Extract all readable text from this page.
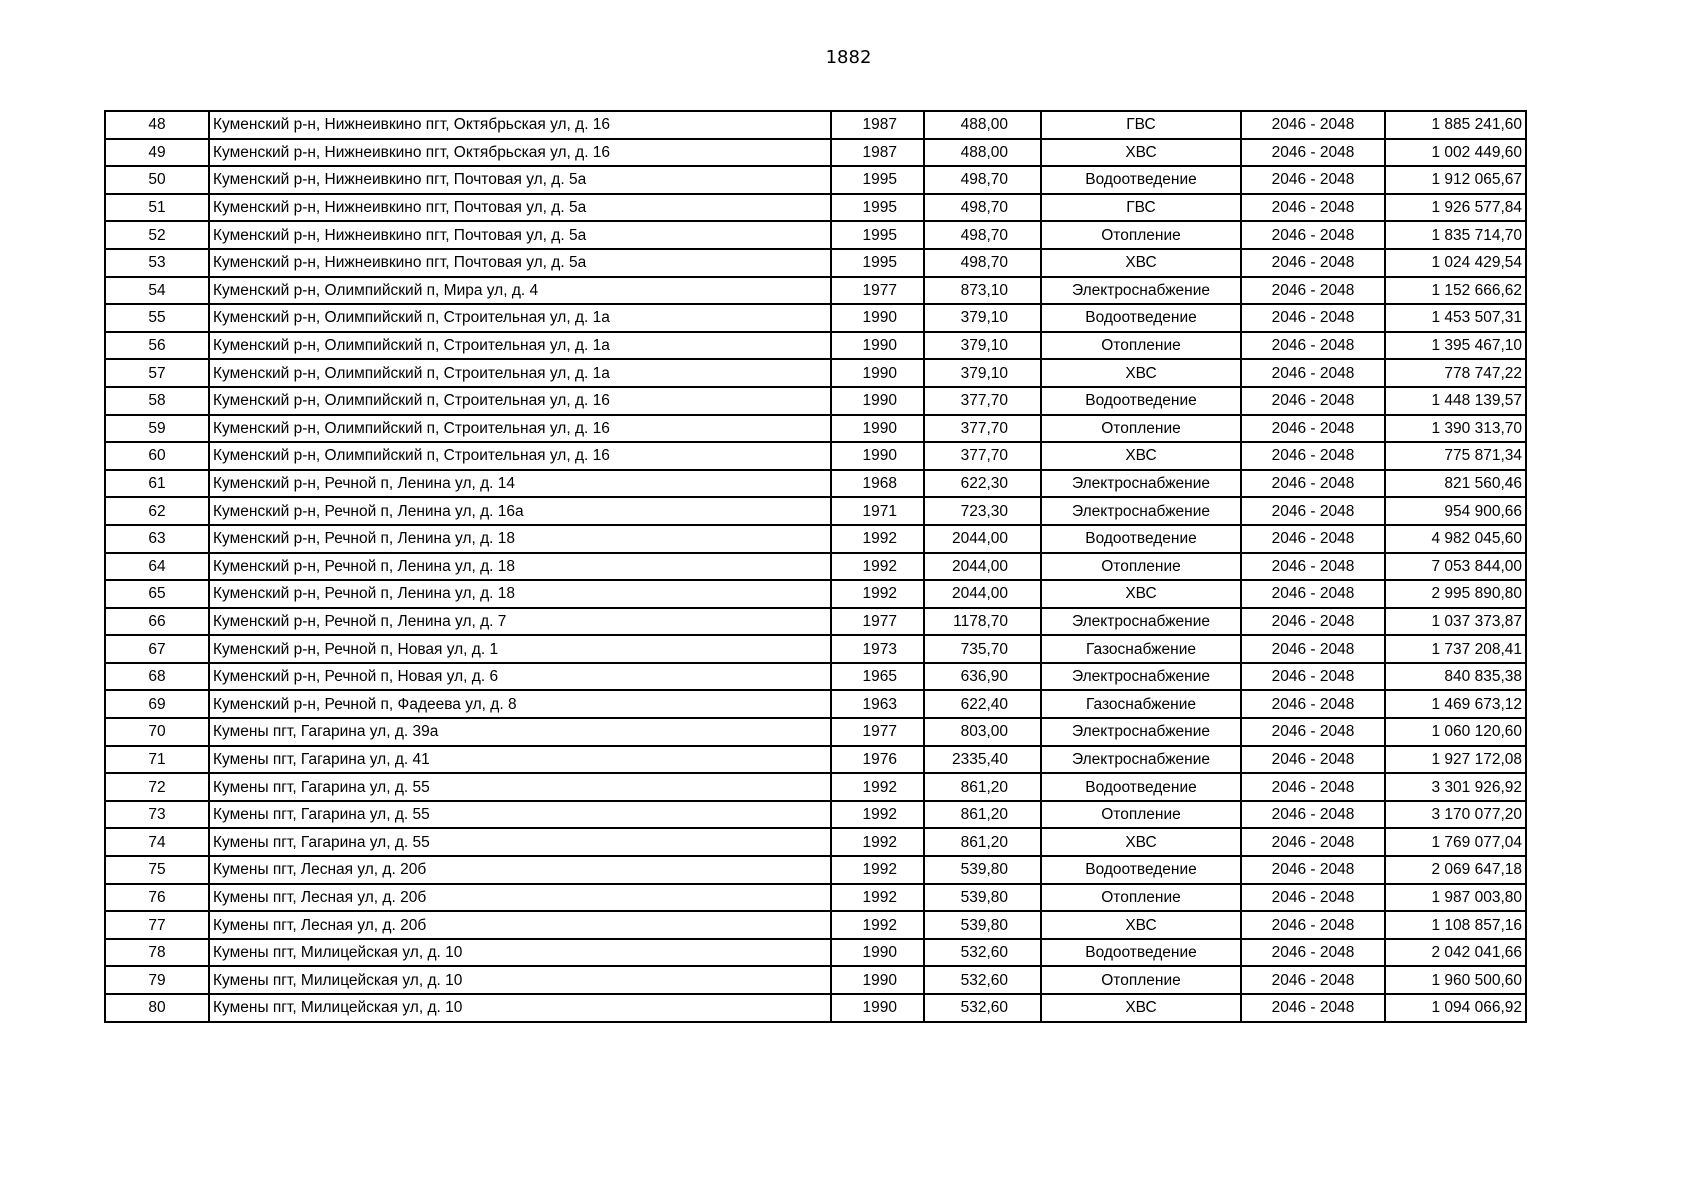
1882
48	Куменский р-н, Нижнеивкино пгт, Октябрьская ул, д. 16	1987	488,00	ГВС	2046 - 2048	1 885 241,60
49	Куменский р-н, Нижнеивкино пгт, Октябрьская ул, д. 16	1987	488,00	ХВС	2046 - 2048	1 002 449,60
50	Куменский р-н, Нижнеивкино пгт, Почтовая ул, д. 5а	1995	498,70	Водоотведение	2046 - 2048	1 912 065,67
51	Куменский р-н, Нижнеивкино пгт, Почтовая ул, д. 5а	1995	498,70	ГВС	2046 - 2048	1 926 577,84
52	Куменский р-н, Нижнеивкино пгт, Почтовая ул, д. 5а	1995	498,70	Отопление	2046 - 2048	1 835 714,70
53	Куменский р-н, Нижнеивкино пгт, Почтовая ул, д. 5а	1995	498,70	ХВС	2046 - 2048	1 024 429,54
54	Куменский р-н, Олимпийский п, Мира ул, д. 4	1977	873,10	Электроснабжение	2046 - 2048	1 152 666,62
55	Куменский р-н, Олимпийский п, Строительная ул, д. 1а	1990	379,10	Водоотведение	2046 - 2048	1 453 507,31
56	Куменский р-н, Олимпийский п, Строительная ул, д. 1а	1990	379,10	Отопление	2046 - 2048	1 395 467,10
57	Куменский р-н, Олимпийский п, Строительная ул, д. 1а	1990	379,10	ХВС	2046 - 2048	778 747,22
58	Куменский р-н, Олимпийский п, Строительная ул, д. 16	1990	377,70	Водоотведение	2046 - 2048	1 448 139,57
59	Куменский р-н, Олимпийский п, Строительная ул, д. 16	1990	377,70	Отопление	2046 - 2048	1 390 313,70
60	Куменский р-н, Олимпийский п, Строительная ул, д. 16	1990	377,70	ХВС	2046 - 2048	775 871,34
61	Куменский р-н, Речной п, Ленина ул, д. 14	1968	622,30	Электроснабжение	2046 - 2048	821 560,46
62	Куменский р-н, Речной п, Ленина ул, д. 16а	1971	723,30	Электроснабжение	2046 - 2048	954 900,66
63	Куменский р-н, Речной п, Ленина ул, д. 18	1992	2044,00	Водоотведение	2046 - 2048	4 982 045,60
64	Куменский р-н, Речной п, Ленина ул, д. 18	1992	2044,00	Отопление	2046 - 2048	7 053 844,00
65	Куменский р-н, Речной п, Ленина ул, д. 18	1992	2044,00	ХВС	2046 - 2048	2 995 890,80
66	Куменский р-н, Речной п, Ленина ул, д. 7	1977	1178,70	Электроснабжение	2046 - 2048	1 037 373,87
67	Куменский р-н, Речной п, Новая ул, д. 1	1973	735,70	Газоснабжение	2046 - 2048	1 737 208,41
68	Куменский р-н, Речной п, Новая ул, д. 6	1965	636,90	Электроснабжение	2046 - 2048	840 835,38
69	Куменский р-н, Речной п, Фадеева ул, д. 8	1963	622,40	Газоснабжение	2046 - 2048	1 469 673,12
70	Кумены пгт, Гагарина ул, д. 39а	1977	803,00	Электроснабжение	2046 - 2048	1 060 120,60
71	Кумены пгт, Гагарина ул, д. 41	1976	2335,40	Электроснабжение	2046 - 2048	1 927 172,08
72	Кумены пгт, Гагарина ул, д. 55	1992	861,20	Водоотведение	2046 - 2048	3 301 926,92
73	Кумены пгт, Гагарина ул, д. 55	1992	861,20	Отопление	2046 - 2048	3 170 077,20
74	Кумены пгт, Гагарина ул, д. 55	1992	861,20	ХВС	2046 - 2048	1 769 077,04
75	Кумены пгт, Лесная ул, д. 20б	1992	539,80	Водоотведение	2046 - 2048	2 069 647,18
76	Кумены пгт, Лесная ул, д. 20б	1992	539,80	Отопление	2046 - 2048	1 987 003,80
77	Кумены пгт, Лесная ул, д. 20б	1992	539,80	ХВС	2046 - 2048	1 108 857,16
78	Кумены пгт, Милицейская ул, д. 10	1990	532,60	Водоотведение	2046 - 2048	2 042 041,66
79	Кумены пгт, Милицейская ул, д. 10	1990	532,60	Отопление	2046 - 2048	1 960 500,60
80	Кумены пгт, Милицейская ул, д. 10	1990	532,60	ХВС	2046 - 2048	1 094 066,92
